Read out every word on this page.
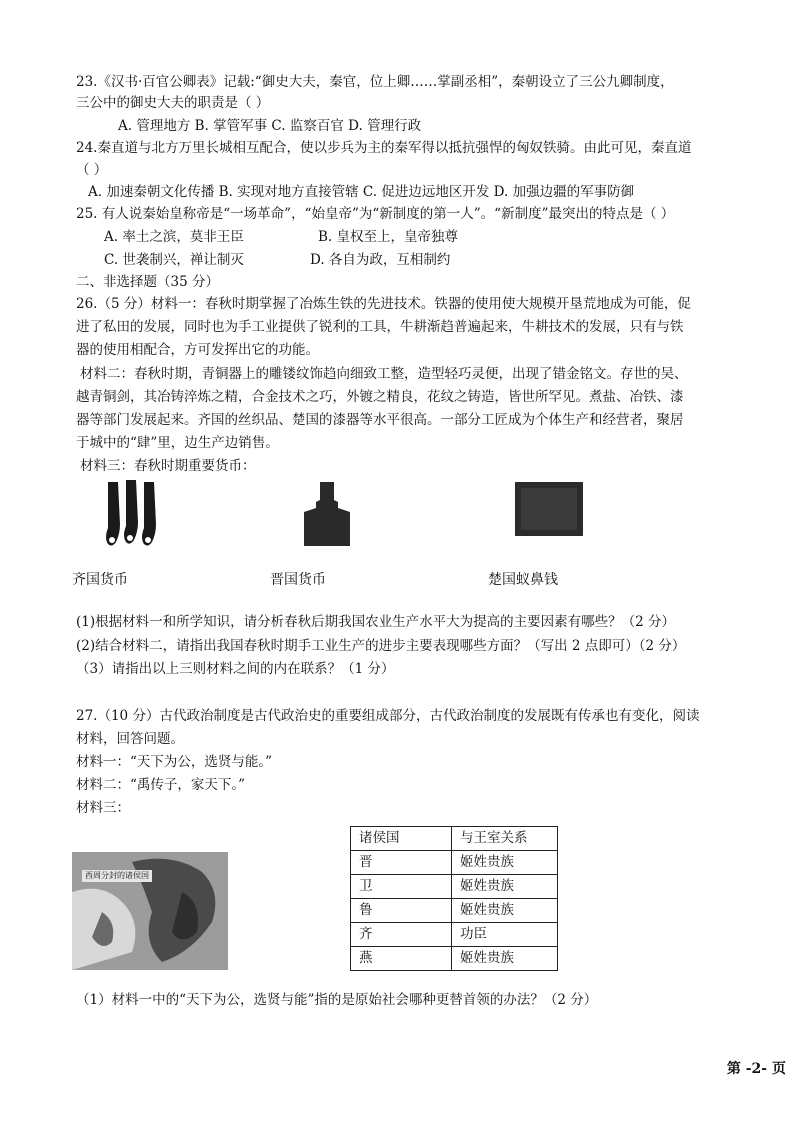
23.《汉书·百官公卿表》记载:“御史大夫，秦官，位上卿……掌副丞相”，秦朝设立了三公九卿制度，
三公中的御史大夫的职责是（ ）
A. 管理地方 B. 掌管军事 C. 监察百官 D. 管理行政
24.秦直道与北方万里长城相互配合，使以步兵为主的秦军得以抵抗强悍的匈奴铁骑。由此可见，秦直道
（ ）
A. 加速秦朝文化传播 B. 实现对地方直接管辖 C. 促进边远地区开发 D. 加强边疆的军事防御
25. 有人说秦始皇称帝是“一场革命”，“始皇帝”为“新制度的第一人”。“新制度”最突出的特点是（ ）
A. 率土之滨，莫非王臣	B. 皇权至上，皇帝独尊
C. 世袭制兴，禅让制灭	D. 各自为政，互相制约
二、非选择题（35 分）
26.（5 分）材料一：春秋时期掌握了冶炼生铁的先进技术。铁器的使用使大规模开垦荒地成为可能，促
进了私田的发展，同时也为手工业提供了锐利的工具，牛耕渐趋普遍起来，牛耕技术的发展，只有与铁
器的使用相配合，方可发挥出它的功能。
材料二：春秋时期，青铜器上的雕镂纹饰趋向细致工整，造型轻巧灵便，出现了错金铭文。存世的吴、
越青铜剑，其冶铸淬炼之精，合金技术之巧，外镀之精良，花纹之铸造，皆世所罕见。煮盐、冶铁、漆
器等部门发展起来。齐国的丝织品、楚国的漆器等水平很高。一部分工匠成为个体生产和经营者，聚居
于城中的“肆”里，边生产边销售。
材料三：春秋时期重要货币：
齐国货币	晋国货币	楚国蚁鼻钱
(1)根据材料一和所学知识，请分析春秋后期我国农业生产水平大为提高的主要因素有哪些？（2 分）
(2)结合材料二，请指出我国春秋时期手工业生产的进步主要表现哪些方面？（写出 2 点即可）（2 分）
（3）请指出以上三则材料之间的内在联系？（1 分）
27.（10 分）古代政治制度是古代政治史的重要组成部分，古代政治制度的发展既有传承也有变化，阅读
材料，回答问题。
材料一：“天下为公，选贤与能。”
材料二：“禹传子，家天下。”
材料三：
西周分封的诸侯国
诸侯国	与王室关系
晋	姬姓贵族
卫	姬姓贵族
鲁	姬姓贵族
齐	功臣
燕	姬姓贵族
（1）材料一中的“天下为公，选贤与能”指的是原始社会哪种更替首领的办法？（2 分）
第 -2- 页
